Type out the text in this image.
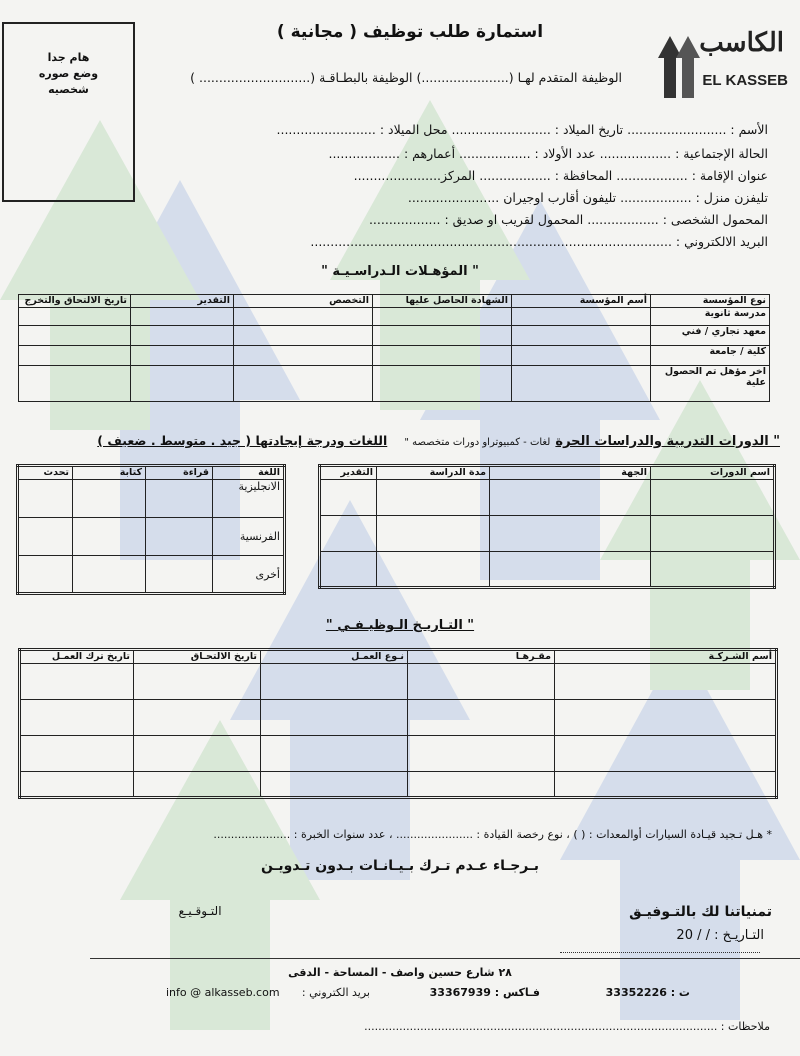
استمارة طلب توظيف ( مجانية )
هام جدا
وضع صوره
شخصيه
الكاسب
EL KASSEB
الوظيفة المتقدم لهـا (......................) الوظيفة بالبطـاقـة (............................ )
الأسم : ......................... تاريخ الميلاد : ......................... محل الميلاد : .........................
الحالة الإجتماعية : .................. عدد الأولاد : .................. أعمارهم : ..................
عنوان الإقامة : .................. المحافظة : .................. المركز......................
تليفزن منزل : .................. تليفون أقارب اوجيران .......................
المحمول الشخصى : .................. المحمول لقريب او صديق : ..................
البريد الالكتروني : ...........................................................................................
" المؤهـلات الـدراسـيـة "
نوع المؤسسة	أسم المؤسسة	الشهادة الحاصل عليها	التخصص	التقدير	تاريخ الالتحاق والتخرج
مدرسة ثانوية					
معهد تجاري / فني					
كلية / جامعة					
اخر مؤهل تم الحصول علية					
" الدورات التدريبة والدراسات الحرة لغات - كمبيوتراو دورات متخصصه " اللغات ودرجة إيجادتها ( جيد . متوسط . ضعيف )
اسم الدورات	الجهة	مدة الدراسة	التقدير

اللغة	قراءة	كتابة	تحدث
الانجليزية			
الفرنسية			
أخرى			
" التـاريـخ الـوظيـفـي "
أسم الشـركـة	مقـرهـا	نـوع العمـل	تاريخ الالتحـاق	تاريخ ترك العمـل

* هـل تـجيد قيـادة السيارات أوالمعدات : ( ) ، نوع رخصة القيادة : ...................... ، عدد سنوات الخبرة : ......................
بـرجـاء عـدم تـرك بـيـانـات بـدون تـدويـن
تمنياتنا لك بالتـوفيـق
التـاريـخ : / / 20
التـوقـيـع
٢٨ شارع حسين واصف - المساحة - الدقى
ت : 33352226
فـاكس : 33367939
بريد الكتروني :
info @ alkasseb.com
ملاحظات : .....................................................................................................
